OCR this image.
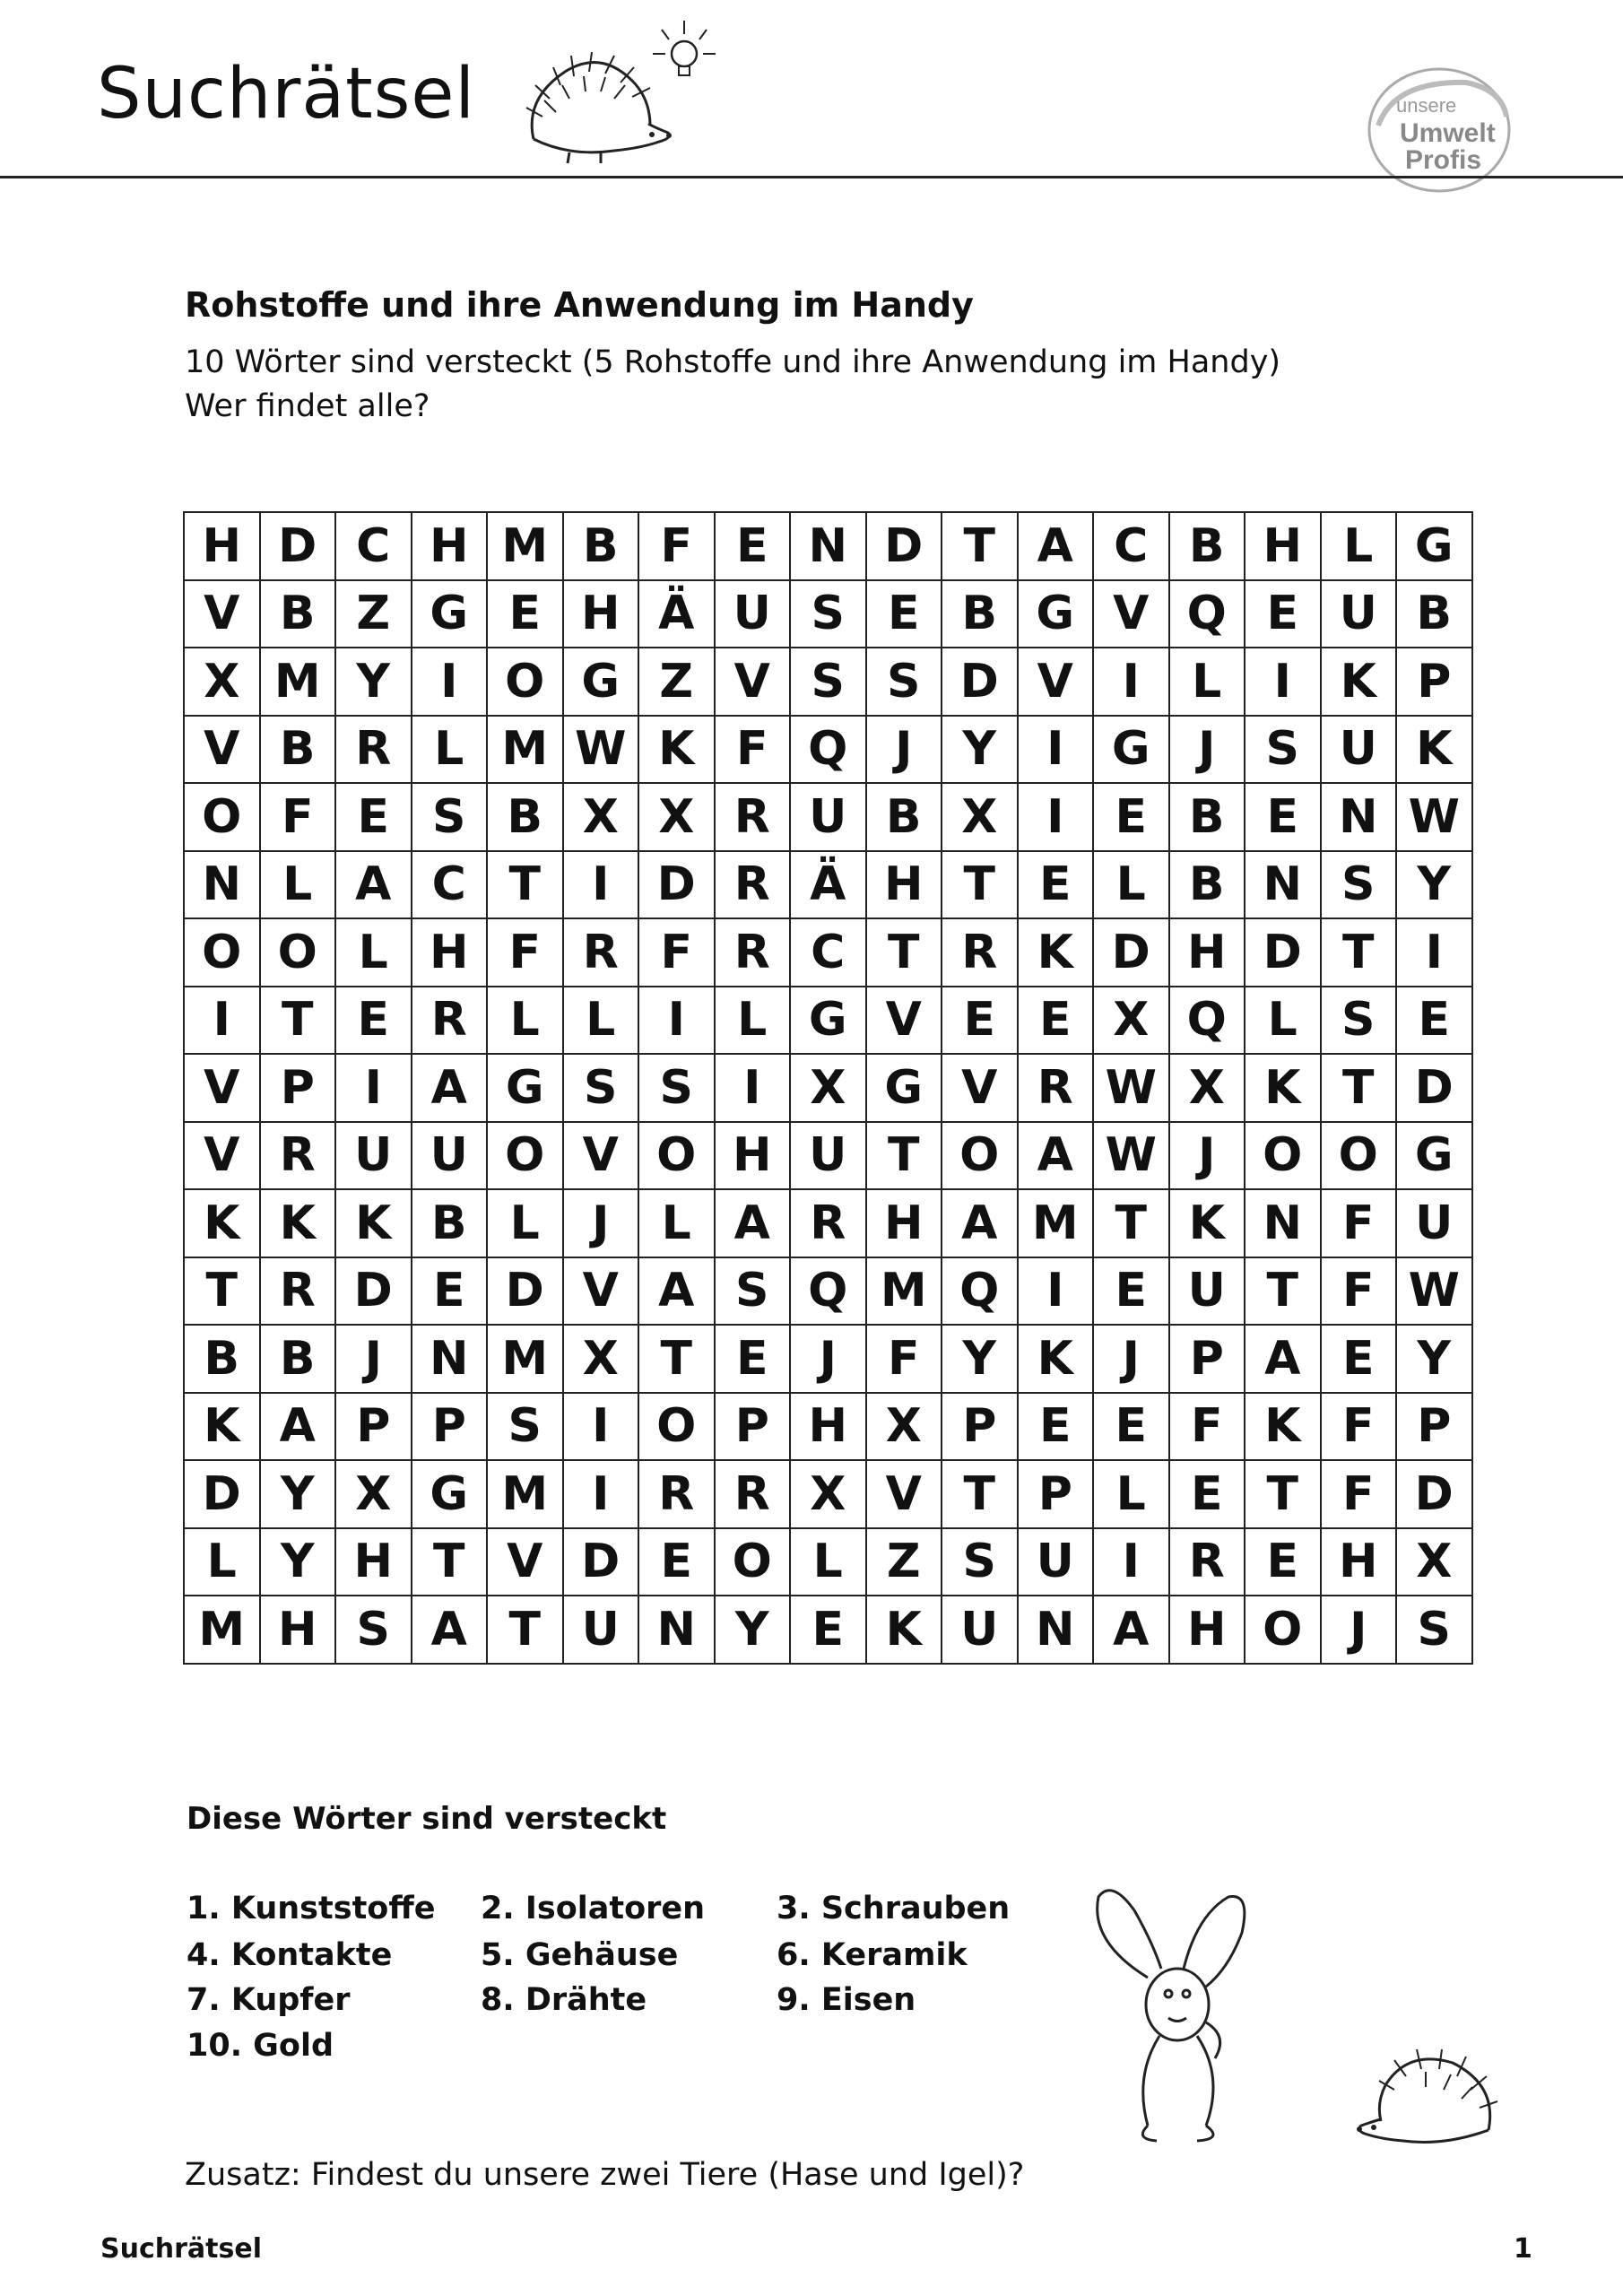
Suchrätsel	unsere
Umwelt
Profis
Rohstoffe und ihre Anwendung im Handy
10 Wörter sind versteckt (5 Rohstoffe und ihre Anwendung im Handy)
Wer findet alle?
H	D	C	H	M	B	F	E	N	D	T	A	C	B	H	L	G
V	B	Z	G	E	H	Ä	U	S	E	B	G	V	Q	E	U	B
X	M	Y	I	O	G	Z	V	S	S	D	V	I	L	I	K	P
V	B	R	L	M	W	K	F	Q	J	Y	I	G	J	S	U	K
O	F	E	S	B	X	X	R	U	B	X	I	E	B	E	N	W
N	L	A	C	T	I	D	R	Ä	H	T	E	L	B	N	S	Y
O	O	L	H	F	R	F	R	C	T	R	K	D	H	D	T	I
I	T	E	R	L	L	I	L	G	V	E	E	X	Q	L	S	E
V	P	I	A	G	S	S	I	X	G	V	R	W	X	K	T	D
V	R	U	U	O	V	O	H	U	T	O	A	W	J	O	O	G
K	K	K	B	L	J	L	A	R	H	A	M	T	K	N	F	U
T	R	D	E	D	V	A	S	Q	M	Q	I	E	U	T	F	W
B	B	J	N	M	X	T	E	J	F	Y	K	J	P	A	E	Y
K	A	P	P	S	I	O	P	H	X	P	E	E	F	K	F	P
D	Y	X	G	M	I	R	R	X	V	T	P	L	E	T	F	D
L	Y	H	T	V	D	E	O	L	Z	S	U	I	R	E	H	X
M	H	S	A	T	U	N	Y	E	K	U	N	A	H	O	J	S
Diese Wörter sind versteckt
1. Kunststoffe 2. Isolatoren 3. Schrauben
4. Kontakte	5. Gehäuse	6. Keramik
7. Kupfer	8. Drähte	9. Eisen
10. Gold
Zusatz: Findest du unsere zwei Tiere (Hase und Igel)?
Suchrätsel	1
